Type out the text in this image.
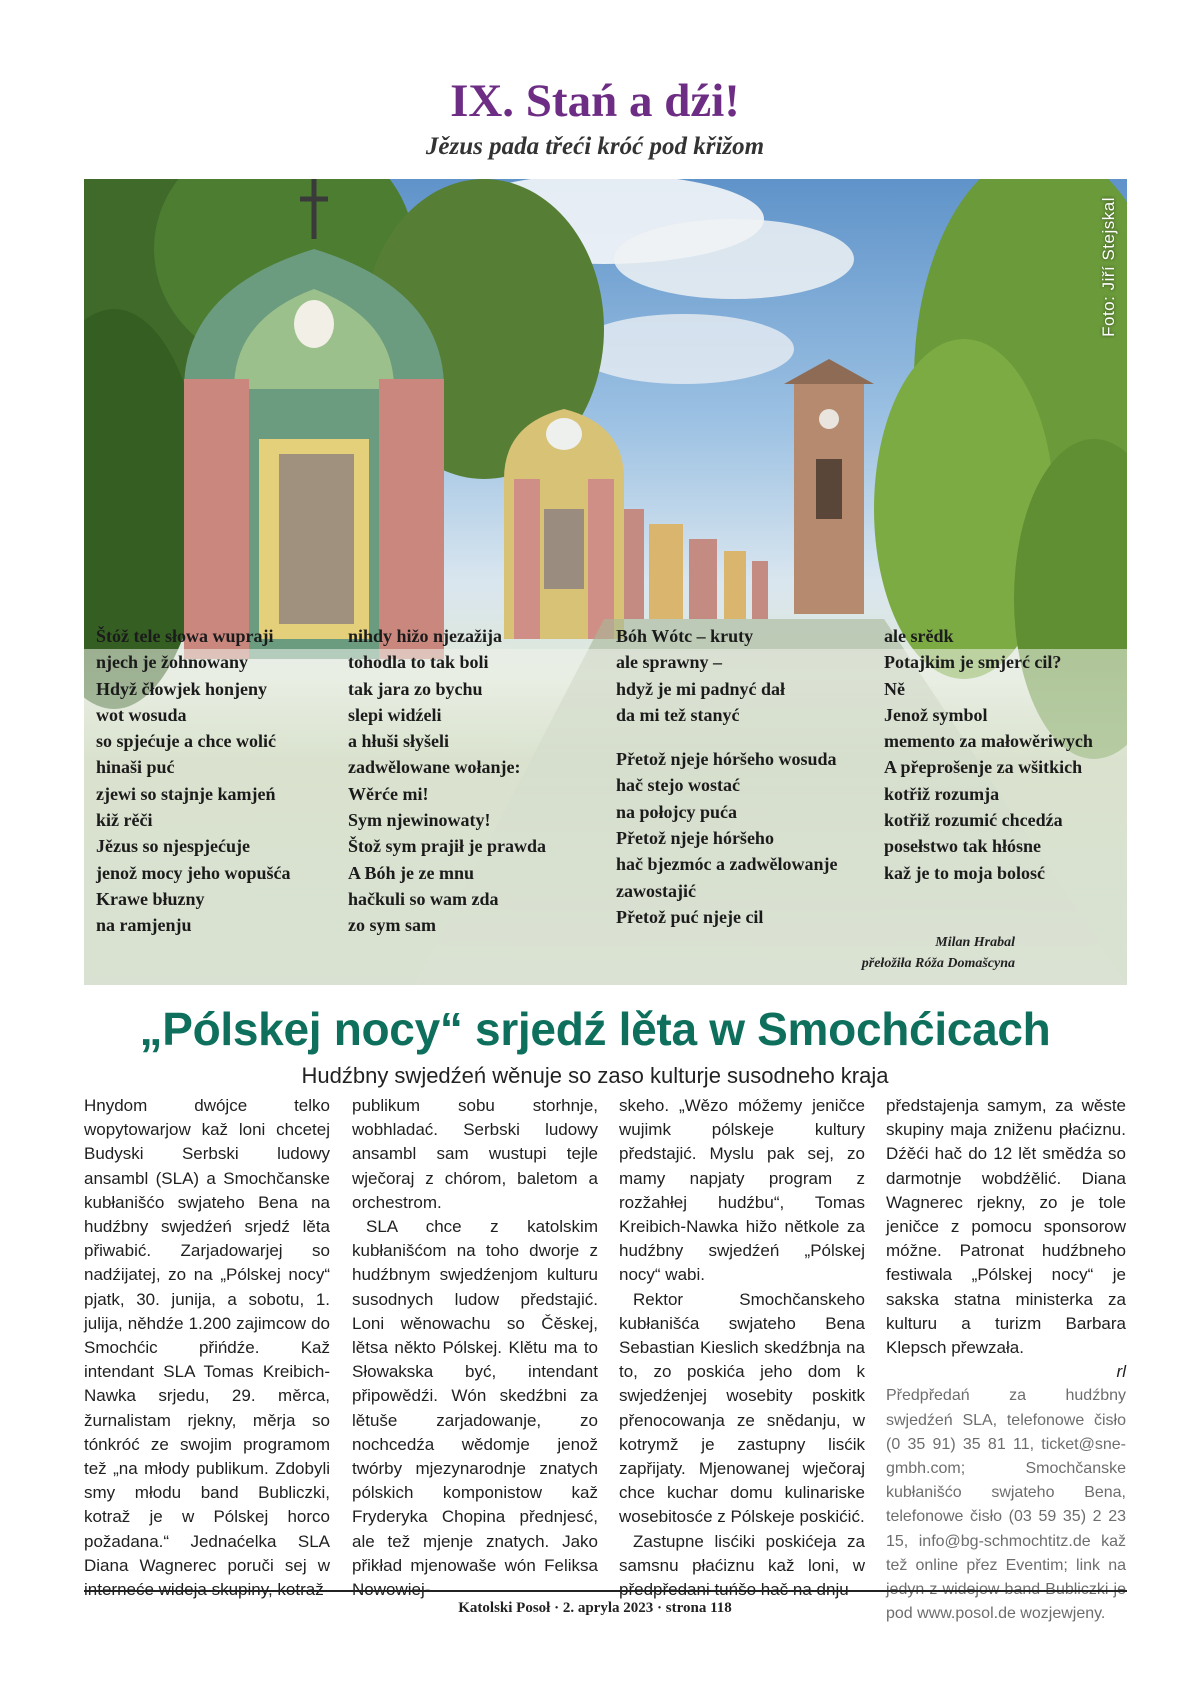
IX. Stań a dźi!
Jězus pada třeći króć pod křižom
Foto: Jiří Stejskal
Štóž tele słowa wupraji
njech je žohnowany
Hdyž čłowjek honjeny
wot wosuda
so spjećuje a chce wolić
hinaši puć
zjewi so stajnje kamjeń
kiž rěči
Jězus so njespjećuje
jenož mocy jeho wopušća
Krawe błuzny
na ramjenju
nihdy hižo njezažija
tohodla to tak boli
tak jara zo bychu
slepi widźeli
a hłuši słyšeli
zadwělowane wołanje:
Wěrće mi!
Sym njewinowaty!
Štož sym prajił je prawda
A Bóh je ze mnu
hačkuli so wam zda
zo sym sam
Bóh Wótc – kruty
ale sprawny –
hdyž je mi padnyć dał
da mi tež stanyć
Přetož njeje hóršeho wosuda
hač stejo wostać
na połojcy puća
Přetož njeje hóršeho
hač bjezmóc a zadwělowanje
zawostajić
Přetož puć njeje cil
ale srědk
Potajkim je smjerć cil?
Ně
Jenož symbol
memento za małowěriwych
A přeprošenje za wšitkich
kotřiž rozumja
kotřiž rozumić chcedźa
posełstwo tak hłósne
kaž je to moja bolosć
Milan Hrabal
přełožiła Róža Domašcyna
„Pólskej nocy“ srjedź lěta w Smochćicach
Hudźbny swjedźeń wěnuje so zaso kulturje susodneho kraja

Hnydom dwójce telko wopytowarjow kaž loni chcetej Budyski Serbski ludowy ansambl (SLA) a Smochčanske kubłanišćo swjateho Bena na hudźbny swjedźeń srjedź lěta přiwabić. Zarjadowarjej so nadźijatej, zo na „Pólskej nocy“ pjatk, 30. junija, a sobotu, 1. julija, něhdźe 1.200 zajimcow do Smochćic přińdźe. Kaž intendant SLA Tomas Kreibich-Nawka srjedu, 29. měrca, žurnalistam rjekny, měrja so tónkróć ze swojim programom tež „na młody publikum. Zdobyli smy młodu band Bubliczki, kotraž je w Pólskej horco požadana.“ Jednaćelka SLA Diana Wagnerec poruči sej w

publikum sobu storhnje, wobhladać. Serbski ludowy ansambl sam wustupi tejle wječoraj z chórom, baletom a orchestrom.

SLA chce z katolskim kubłanišćom na toho dworje z hudźbnym swjedźenjom kulturu susodnych ludow předstajić. Loni wěnowachu so Čěskej, lětsa někto Pólskej. Klětu ma to Słowakska być, intendant připowědźi. Wón skedźbni za lětuše zarjadowanje, zo nochcedźa wědomje jenož twórby mjezynarodnje znatych pólskich komponistow kaž Fryderyka Chopina přednjesć, ale tež mjenje znatych. Jako přikład mjenowaše wón Feliksa

skeho. „Wězo móžemy jeničce wujimk pólskeje kultury předstajić. Myslu pak sej, zo mamy napjaty program z rozžahłej hudźbu“, Tomas Kreibich-Nawka hižo nětkole za hudźbny swjedźeń „Pólskej nocy“ wabi.

Rektor Smochčanskeho kubłanišća swjateho Bena Sebastian Kieslich skedźbnja na to, zo poskića jeho dom k swjedźenjej wosebity poskitk přenocowanja ze snědanju, w kotrymž je zastupny lisćik zapřijaty. Mjenowanej wječoraj chce kuchar domu kulinariske wosebitosće z Pólskeje poskićić.

Zastupne lisćiki poskićeja za samsnu płaćiznu kaž loni, w

předstajenja samym, za wěste skupiny maja zniženu płaćiznu. Dźěći hač do 12 lět smědźa so darmotnje wobdźělić. Diana Wagnerec rjekny, zo je tole jeničce z pomocu sponsorow móžne. Patronat hudźbneho festiwala „Pólskej nocy“ je sakska statna ministerka za kulturu a turizm Barbara Klepsch přewzała.

rl

Předpředań za hudźbny swjedźeń SLA, telefonowe čisło (0 35 91) 35 81 11, ticket@sne-gmbh.com; Smochčanske kubłanišćo swjateho Bena, telefonowe čisło (03 59 35) 2 23 15, info@bg-schmochtitz.de kaž tež online přez Eventim; link na pod www.posol.de wozjewjeny.

Katolski Posoł · 2. apryla 2023 · strona 118
